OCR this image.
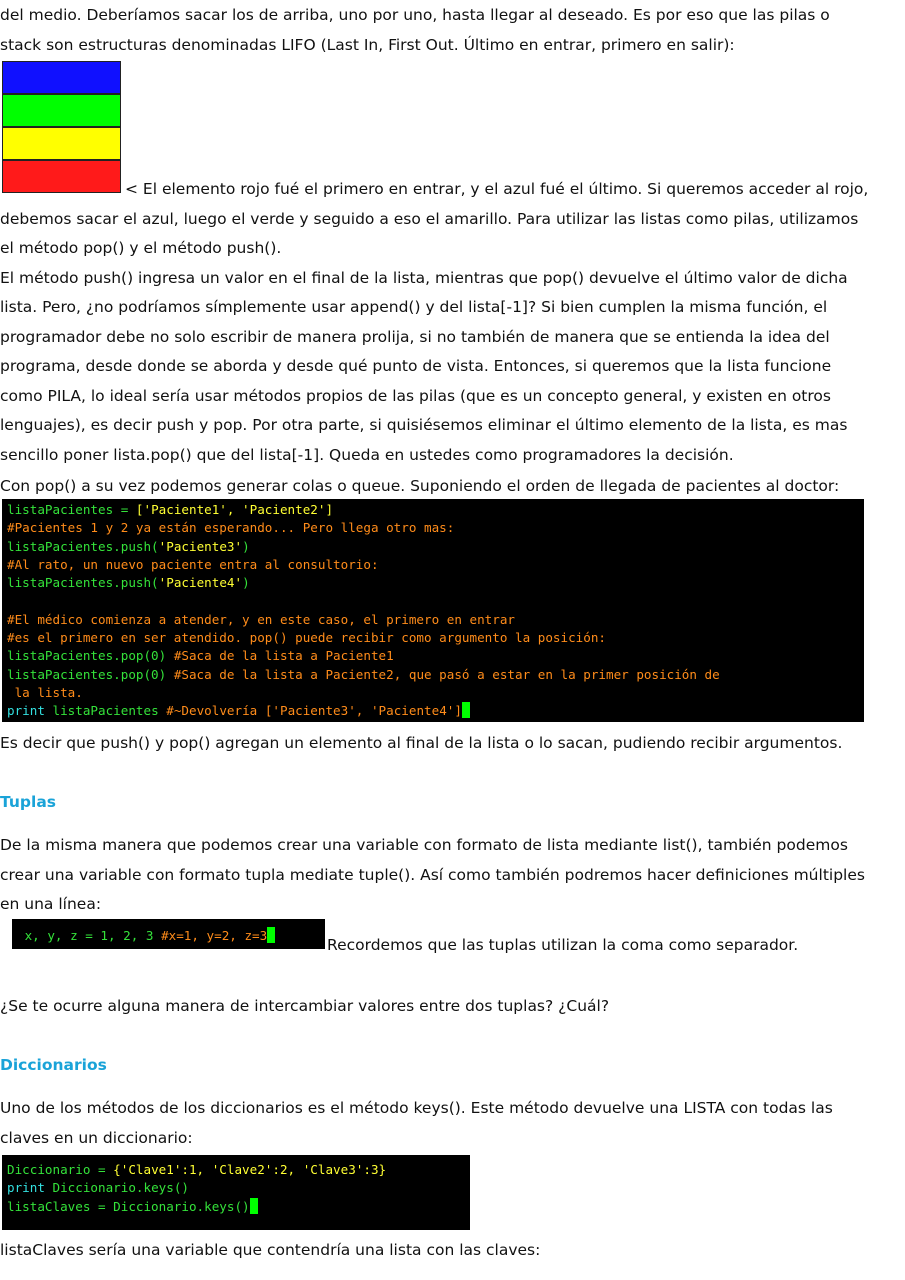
del medio. Deberíamos sacar los de arriba, uno por uno, hasta llegar al deseado. Es por eso que las pilas o

stack son estructuras denominadas LIFO (Last In, First Out. Último en entrar, primero en salir):

< El elemento rojo fué el primero en entrar, y el azul fué el último. Si queremos acceder al rojo,

debemos sacar el azul, luego el verde y seguido a eso el amarillo. Para utilizar las listas como pilas, utilizamos

el método pop() y el método push().

El método push() ingresa un valor en el final de la lista, mientras que pop() devuelve el último valor de dicha

lista. Pero, ¿no podríamos símplemente usar append() y del lista[-1]? Si bien cumplen la misma función, el

programador debe no solo escribir de manera prolija, si no también de manera que se entienda la idea del

programa, desde donde se aborda y desde qué punto de vista. Entonces, si queremos que la lista funcione

como PILA, lo ideal sería usar métodos propios de las pilas (que es un concepto general, y existen en otros

lenguajes), es decir push y pop. Por otra parte, si quisiésemos eliminar el último elemento de la lista, es mas

sencillo poner lista.pop() que del lista[-1]. Queda en ustedes como programadores la decisión.

Con pop() a su vez podemos generar colas o queue. Suponiendo el orden de llegada de pacientes al doctor:

listaPacientes = ['Paciente1', 'Paciente2']
#Pacientes 1 y 2 ya están esperando... Pero llega otro mas:
listaPacientes.push('Paciente3')
#Al rato, un nuevo paciente entra al consultorio:
listaPacientes.push('Paciente4')

#El médico comienza a atender, y en este caso, el primero en entrar
#es el primero en ser atendido. pop() puede recibir como argumento la posición:
listaPacientes.pop(0) #Saca de la lista a Paciente1
listaPacientes.pop(0) #Saca de la lista a Paciente2, que pasó a estar en la primer posición de
la lista.
print listaPacientes #~Devolvería ['Paciente3', 'Paciente4']

Es decir que push() y pop() agregan un elemento al final de la lista o lo sacan, pudiendo recibir argumentos.

Tuplas

De la misma manera que podemos crear una variable con formato de lista mediante list(), también podemos

crear una variable con formato tupla mediate tuple(). Así como también podremos hacer definiciones múltiples

en una línea:

x, y, z = 1, 2, 3 #x=1, y=2, z=3

Recordemos que las tuplas utilizan la coma como separador.

¿Se te ocurre alguna manera de intercambiar valores entre dos tuplas? ¿Cuál?

Diccionarios

Uno de los métodos de los diccionarios es el método keys(). Este método devuelve una LISTA con todas las

claves en un diccionario:

Diccionario = {'Clave1':1, 'Clave2':2, 'Clave3':3}
print Diccionario.keys()
listaClaves = Diccionario.keys()

listaClaves sería una variable que contendría una lista con las claves:
